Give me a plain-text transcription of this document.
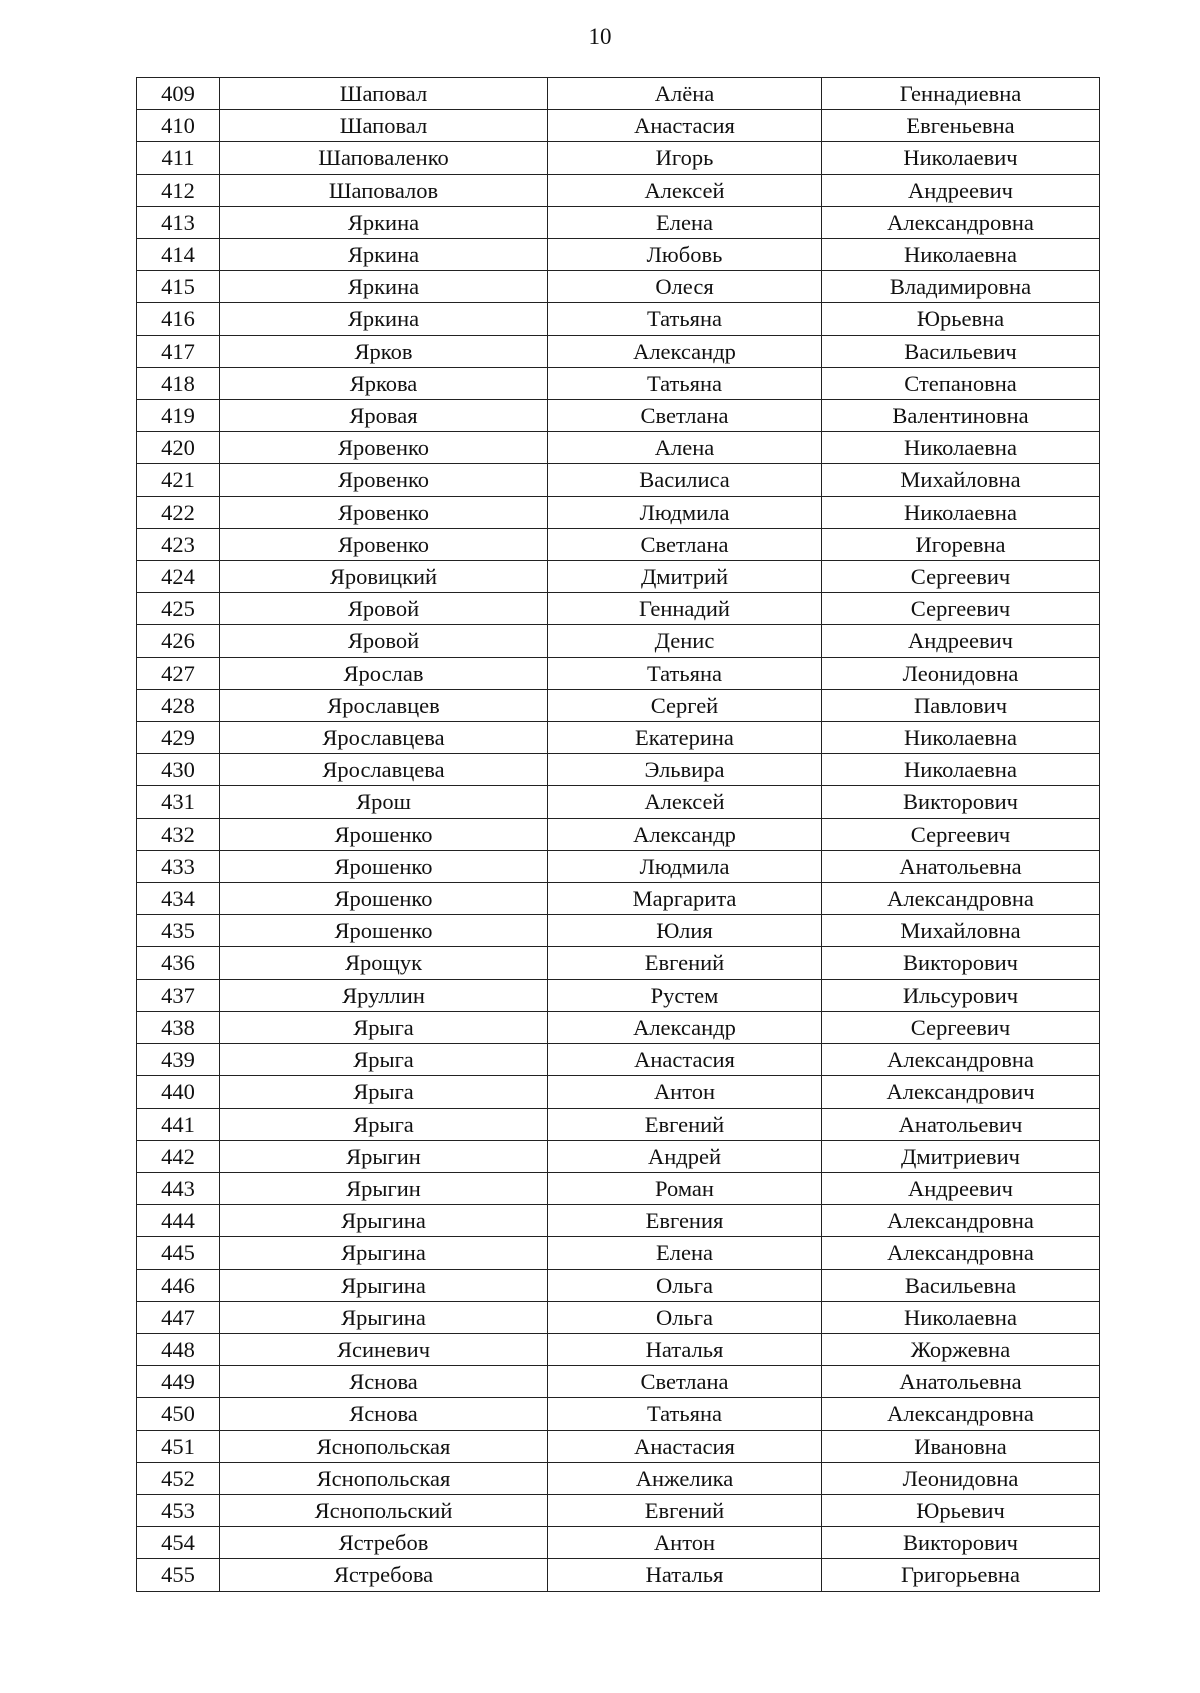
10
409	Шаповал	Алёна	Геннадиевна
410	Шаповал	Анастасия	Евгеньевна
411	Шаповаленко	Игорь	Николаевич
412	Шаповалов	Алексей	Андреевич
413	Яркина	Елена	Александровна
414	Яркина	Любовь	Николаевна
415	Яркина	Олеся	Владимировна
416	Яркина	Татьяна	Юрьевна
417	Ярков	Александр	Васильевич
418	Яркова	Татьяна	Степановна
419	Яровая	Светлана	Валентиновна
420	Яровенко	Алена	Николаевна
421	Яровенко	Василиса	Михайловна
422	Яровенко	Людмила	Николаевна
423	Яровенко	Светлана	Игоревна
424	Яровицкий	Дмитрий	Сергеевич
425	Яровой	Геннадий	Сергеевич
426	Яровой	Денис	Андреевич
427	Ярослав	Татьяна	Леонидовна
428	Ярославцев	Сергей	Павлович
429	Ярославцева	Екатерина	Николаевна
430	Ярославцева	Эльвира	Николаевна
431	Ярош	Алексей	Викторович
432	Ярошенко	Александр	Сергеевич
433	Ярошенко	Людмила	Анатольевна
434	Ярошенко	Маргарита	Александровна
435	Ярошенко	Юлия	Михайловна
436	Ярощук	Евгений	Викторович
437	Яруллин	Рустем	Ильсурович
438	Ярыга	Александр	Сергеевич
439	Ярыга	Анастасия	Александровна
440	Ярыга	Антон	Александрович
441	Ярыга	Евгений	Анатольевич
442	Ярыгин	Андрей	Дмитриевич
443	Ярыгин	Роман	Андреевич
444	Ярыгина	Евгения	Александровна
445	Ярыгина	Елена	Александровна
446	Ярыгина	Ольга	Васильевна
447	Ярыгина	Ольга	Николаевна
448	Ясиневич	Наталья	Жоржевна
449	Яснова	Светлана	Анатольевна
450	Яснова	Татьяна	Александровна
451	Яснопольская	Анастасия	Ивановна
452	Яснопольская	Анжелика	Леонидовна
453	Яснопольский	Евгений	Юрьевич
454	Ястребов	Антон	Викторович
455	Ястребова	Наталья	Григорьевна
